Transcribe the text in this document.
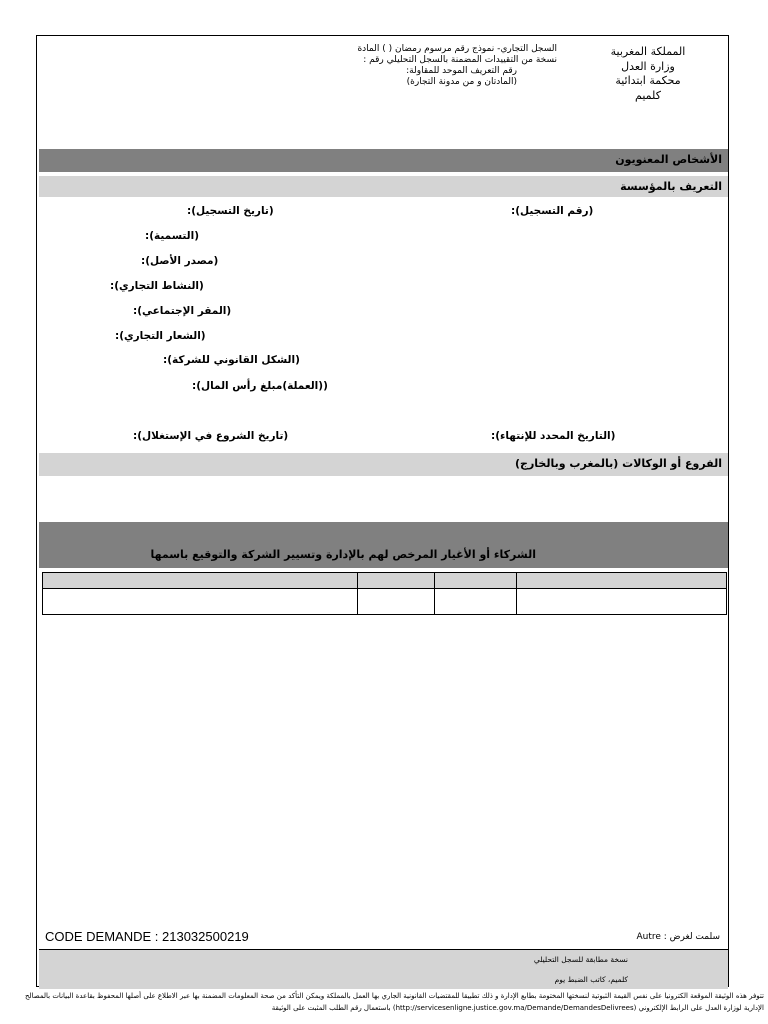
المملكة المغربية
وزارة العدل
محكمة ابتدائية
كلميم
السجل التجاري- نموذج رقم مرسوم رمضان ( ) المادة
نسخة من التقييدات المضمنة بالسجل التحليلي رقم :
رقم التعريف الموحد للمقاولة:
(المادتان و من مدونة التجارة)
الأشخاص المعنويون
التعريف بالمؤسسة
(رقم التسجيل):
(تاريخ التسجيل):
(التسمية):
(مصدر الأصل):
(النشاط التجاري):
(المقر الإجتماعي):
(الشعار التجاري):
(الشكل القانوني للشركة):
((العملة)مبلغ رأس المال):
(التاريخ المحدد للإنتهاء):
(تاريخ الشروع في الإستغلال):
الفروع أو الوكالات (بالمغرب وبالخارج)
الشركاء أو الأغيار المرخص لهم بالإدارة وتسيير الشركة والتوقيع باسمها

CODE DEMANDE : 213032500219	سلمت لغرض : Autre
نسخة مطابقة للسجل التحليلي
كلميم، كاتب الضبط يوم
تتوفر هذه الوثيقة الموقعة الكترونيا على نفس القيمة الثبوتية لنسختها المختومة بطابع الإدارة و ذلك تطبيقا للمقتضيات القانونية الجاري بها العمل بالمملكة ويمكن التأكد من صحة المعلومات المضمنة بها عبر الاطلاع على أصلها المحفوظ بقاعدة البيانات بالمصالح
الإدارية لوزارة العدل على الرابط الإلكتروني (http://servicesenligne.justice.gov.ma/Demande/DemandesDelivrees) باستعمال رقم الطلب المثبت على الوثيقة
